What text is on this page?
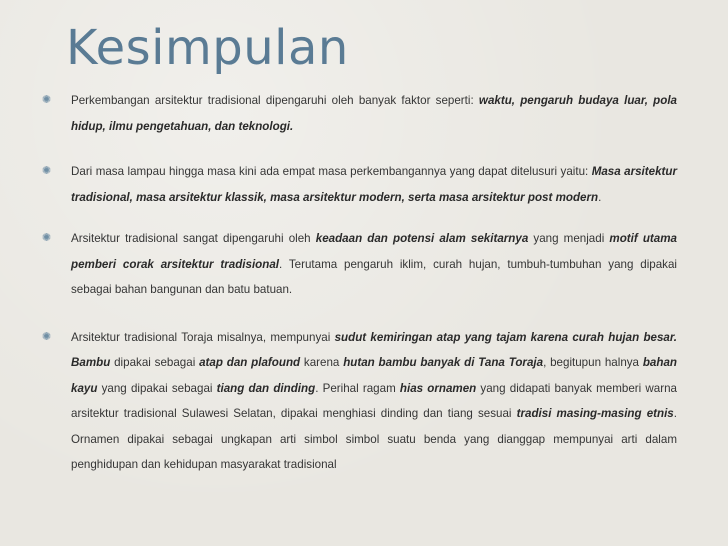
Kesimpulan
✺ Perkembangan arsitektur tradisional dipengaruhi oleh banyak faktor seperti: waktu, pengaruh budaya luar, pola hidup, ilmu pengetahuan, dan teknologi.
✺ Dari masa lampau hingga masa kini ada empat masa perkembangannya yang dapat ditelusuri yaitu: Masa arsitektur tradisional, masa arsitektur klassik, masa arsitektur modern, serta masa arsitektur post modern.
✺ Arsitektur tradisional sangat dipengaruhi oleh keadaan dan potensi alam sekitarnya yang menjadi motif utama pemberi corak arsitektur tradisional. Terutama pengaruh iklim, curah hujan, tumbuh-tumbuhan yang dipakai sebagai bahan bangunan dan batu batuan.
✺ Arsitektur tradisional Toraja misalnya, mempunyai sudut kemiringan atap yang tajam karena curah hujan besar. Bambu dipakai sebagai atap dan plafound karena hutan bambu banyak di Tana Toraja, begitupun halnya bahan kayu yang dipakai sebagai tiang dan dinding. Perihal ragam hias ornamen yang didapati banyak memberi warna arsitektur tradisional Sulawesi Selatan, dipakai menghiasi dinding dan tiang sesuai tradisi masing-masing etnis. Ornamen dipakai sebagai ungkapan arti simbol simbol suatu benda yang dianggap mempunyai arti dalam penghidupan dan kehidupan masyarakat tradisional
